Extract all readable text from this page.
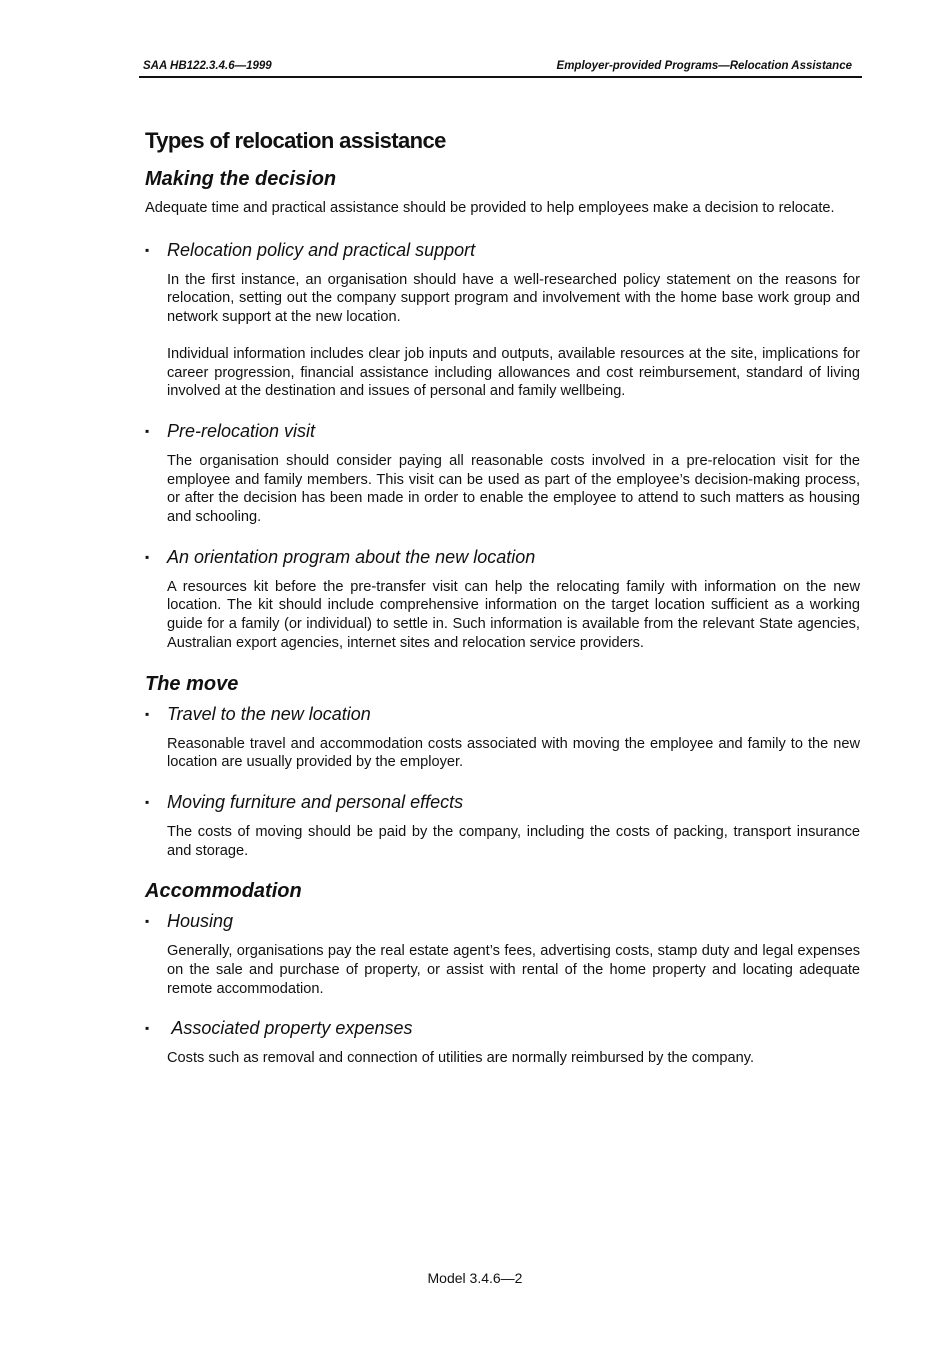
SAA HB122.3.4.6—1999	Employer-provided Programs—Relocation Assistance
Types of relocation assistance
Making the decision

Adequate time and practical assistance should be provided to help employees make a decision to relocate.

▪ Relocation policy and practical support

In the first instance, an organisation should have a well-researched policy statement on the reasons for relocation, setting out the company support program and involvement with the home base work group and network support at the new location.

Individual information includes clear job inputs and outputs, available resources at the site, implications for career progression, financial assistance including allowances and cost reimbursement, standard of living involved at the destination and issues of personal and family wellbeing.

▪ Pre-relocation visit

The organisation should consider paying all reasonable costs involved in a pre-relocation visit for the employee and family members. This visit can be used as part of the employee’s decision-making process, or after the decision has been made in order to enable the employee to attend to such matters as housing and schooling.

▪ An orientation program about the new location

A resources kit before the pre-transfer visit can help the relocating family with information on the new location. The kit should include comprehensive information on the target location sufficient as a working guide for a family (or individual) to settle in. Such information is available from the relevant State agencies, Australian export agencies, internet sites and relocation service providers.

The move
▪ Travel to the new location

Reasonable travel and accommodation costs associated with moving the employee and family to the new location are usually provided by the employer.

▪ Moving furniture and personal effects

The costs of moving should be paid by the company, including the costs of packing, transport insurance and storage.

Accommodation
▪ Housing

Generally, organisations pay the real estate agent’s fees, advertising costs, stamp duty and legal expenses on the sale and purchase of property, or assist with rental of the home property and locating adequate remote accommodation.

▪ Associated property expenses

Costs such as removal and connection of utilities are normally reimbursed by the company.

Model 3.4.6—2
